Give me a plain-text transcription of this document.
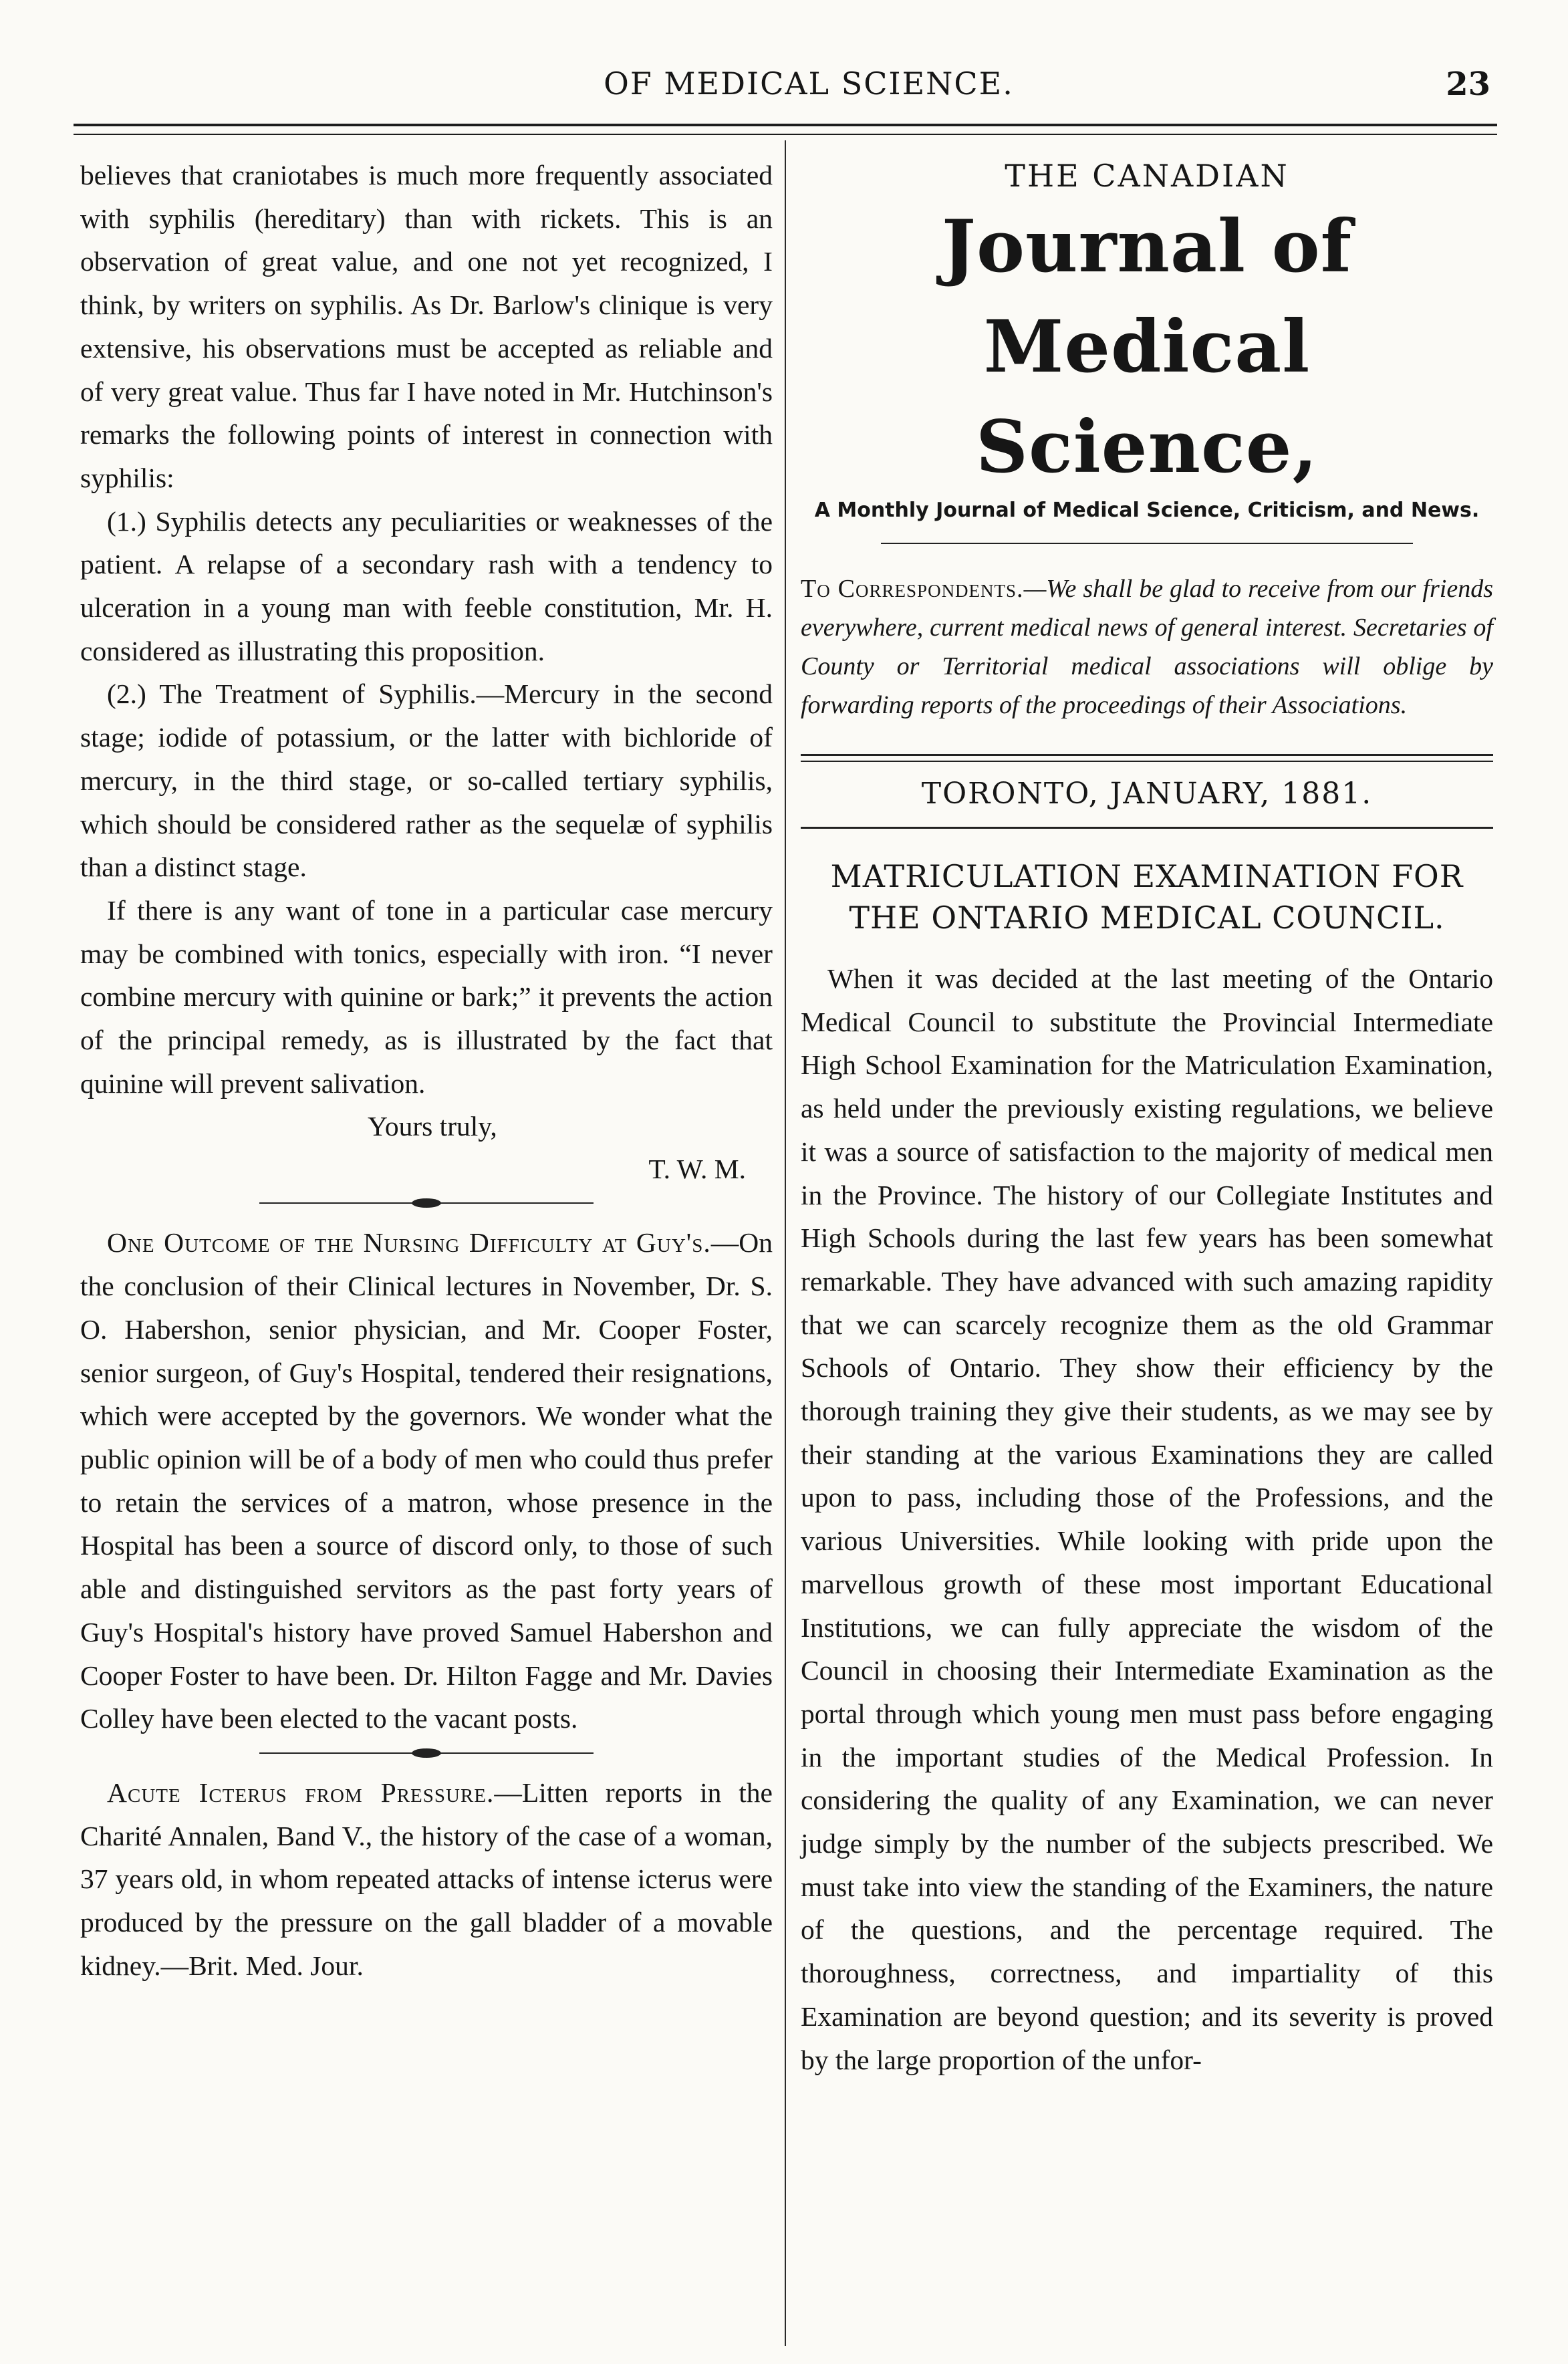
OF MEDICAL SCIENCE.	23

believes that craniotabes is much more frequently associated with syphilis (hereditary) than with rickets. This is an observation of great value, and one not yet recognized, I think, by writers on syphilis. As Dr. Barlow's clinique is very extensive, his observations must be accepted as reliable and of very great value. Thus far I have noted in Mr. Hutchinson's remarks the following points of interest in connection with syphilis:

(1.) Syphilis detects any peculiarities or weaknesses of the patient. A relapse of a secondary rash with a tendency to ulceration in a young man with feeble constitution, Mr. H. considered as illustrating this proposition.

(2.) The Treatment of Syphilis.—Mercury in the second stage; iodide of potassium, or the latter with bichloride of mercury, in the third stage, or so-called tertiary syphilis, which should be considered rather as the sequelæ of syphilis than a distinct stage.

If there is any want of tone in a particular case mercury may be combined with tonics, especially with iron. “I never combine mercury with quinine or bark;” it prevents the action of the principal remedy, as is illustrated by the fact that quinine will prevent salivation.

Yours truly,
T. W. M.

One Outcome of the Nursing Difficulty at Guy's.—On the conclusion of their Clinical lectures in November, Dr. S. O. Habershon, senior physician, and Mr. Cooper Foster, senior surgeon, of Guy's Hospital, tendered their resignations, which were accepted by the governors. We wonder what the public opinion will be of a body of men who could thus prefer to retain the services of a matron, whose presence in the Hospital has been a source of discord only, to those of such able and distinguished servitors as the past forty years of Guy's Hospital's history have proved Samuel Habershon and Cooper Foster to have been. Dr. Hilton Fagge and Mr. Davies Colley have been elected to the vacant posts.

Acute Icterus from Pressure.—Litten reports in the Charité Annalen, Band V., the history of the case of a woman, 37 years old, in whom repeated attacks of intense icterus were produced by the pressure on the gall bladder of a movable kidney.—Brit. Med. Jour.

THE CANADIAN
Journal of Medical Science,
A Monthly Journal of Medical Science, Criticism, and News.

To Correspondents.—We shall be glad to receive from our friends everywhere, current medical news of general interest. Secretaries of County or Territorial medical associations will oblige by forwarding reports of the proceedings of their Associations.

TORONTO, JANUARY, 1881.
MATRICULATION EXAMINATION FOR THE ONTARIO MEDICAL COUNCIL.

When it was decided at the last meeting of the Ontario Medical Council to substitute the Provincial Intermediate High School Examination for the Matriculation Examination, as held under the previously existing regulations, we believe it was a source of satisfaction to the majority of medical men in the Province. The history of our Collegiate Institutes and High Schools during the last few years has been somewhat remarkable. They have advanced with such amazing rapidity that we can scarcely recognize them as the old Grammar Schools of Ontario. They show their efficiency by the thorough training they give their students, as we may see by their standing at the various Examinations they are called upon to pass, including those of the Professions, and the various Universities. While looking with pride upon the marvellous growth of these most important Educational Institutions, we can fully appreciate the wisdom of the Council in choosing their Intermediate Examination as the portal through which young men must pass before engaging in the important studies of the Medical Profession. In considering the quality of any Examination, we can never judge simply by the number of the subjects prescribed. We must take into view the standing of the Examiners, the nature of the questions, and the percentage required. The thoroughness, correctness, and impartiality of this Examination are beyond question; and its severity is proved by the large proportion of the unfor-
